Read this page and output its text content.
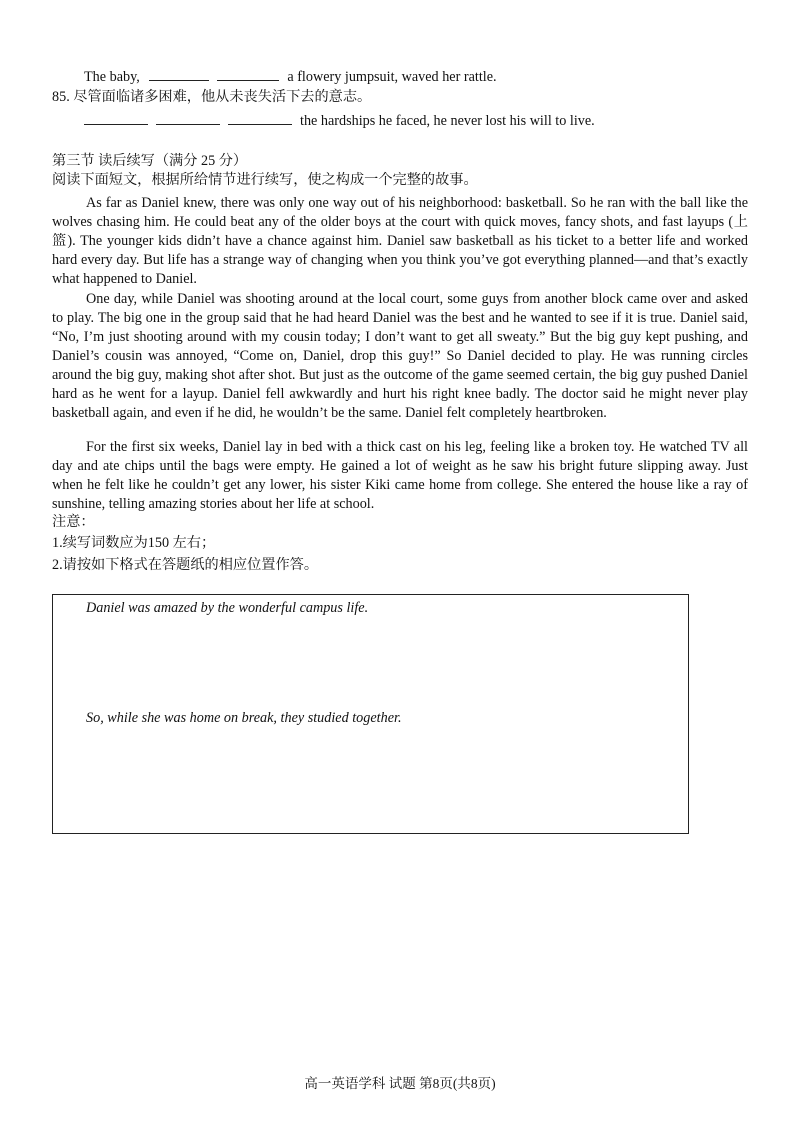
The baby,	a flowery jumpsuit, waved her rattle.
85. 尽管面临诸多困难，他从未丧失活下去的意志。
the hardships he faced, he never lost his will to live.
第三节 读后续写（满分 25 分）
阅读下面短文，根据所给情节进行续写，使之构成一个完整的故事。

As far as Daniel knew, there was only one way out of his neighborhood: basketball. So he ran with the ball like the wolves chasing him. He could beat any of the older boys at the court with quick moves, fancy shots, and fast layups (上篮). The younger kids didn’t have a chance against him. Daniel saw basketball as his ticket to a better life and worked hard every day. But life has a strange way of changing when you think you’ve got everything planned—and that’s exactly what happened to Daniel.

One day, while Daniel was shooting around at the local court, some guys from another block came over and asked to play. The big one in the group said that he had heard Daniel was the best and he wanted to see if it is true. Daniel said, “No, I’m just shooting around with my cousin today; I don’t want to get all sweaty.” But the big guy kept pushing, and Daniel’s cousin was annoyed, “Come on, Daniel, drop this guy!” So Daniel decided to play. He was running circles around the big guy, making shot after shot. But just as the outcome of the game seemed certain, the big guy pushed Daniel hard as he went for a layup. Daniel fell awkwardly and hurt his right knee badly. The doctor said he might never play basketball again, and even if he did, he wouldn’t be the same. Daniel felt completely heartbroken.

For the first six weeks, Daniel lay in bed with a thick cast on his leg, feeling like a broken toy. He watched TV all day and ate chips until the bags were empty. He gained a lot of weight as he saw his bright future slipping away. Just when he felt like he couldn’t get any lower, his sister Kiki came home from college. She entered the house like a ray of sunshine, telling amazing stories about her life at school.

注意：
1.续写词数应为150 左右；
2.请按如下格式在答题纸的相应位置作答。
Daniel was amazed by the wonderful campus life.
So, while she was home on break, they studied together.
高一英语学科 试题 第8页(共8页)
